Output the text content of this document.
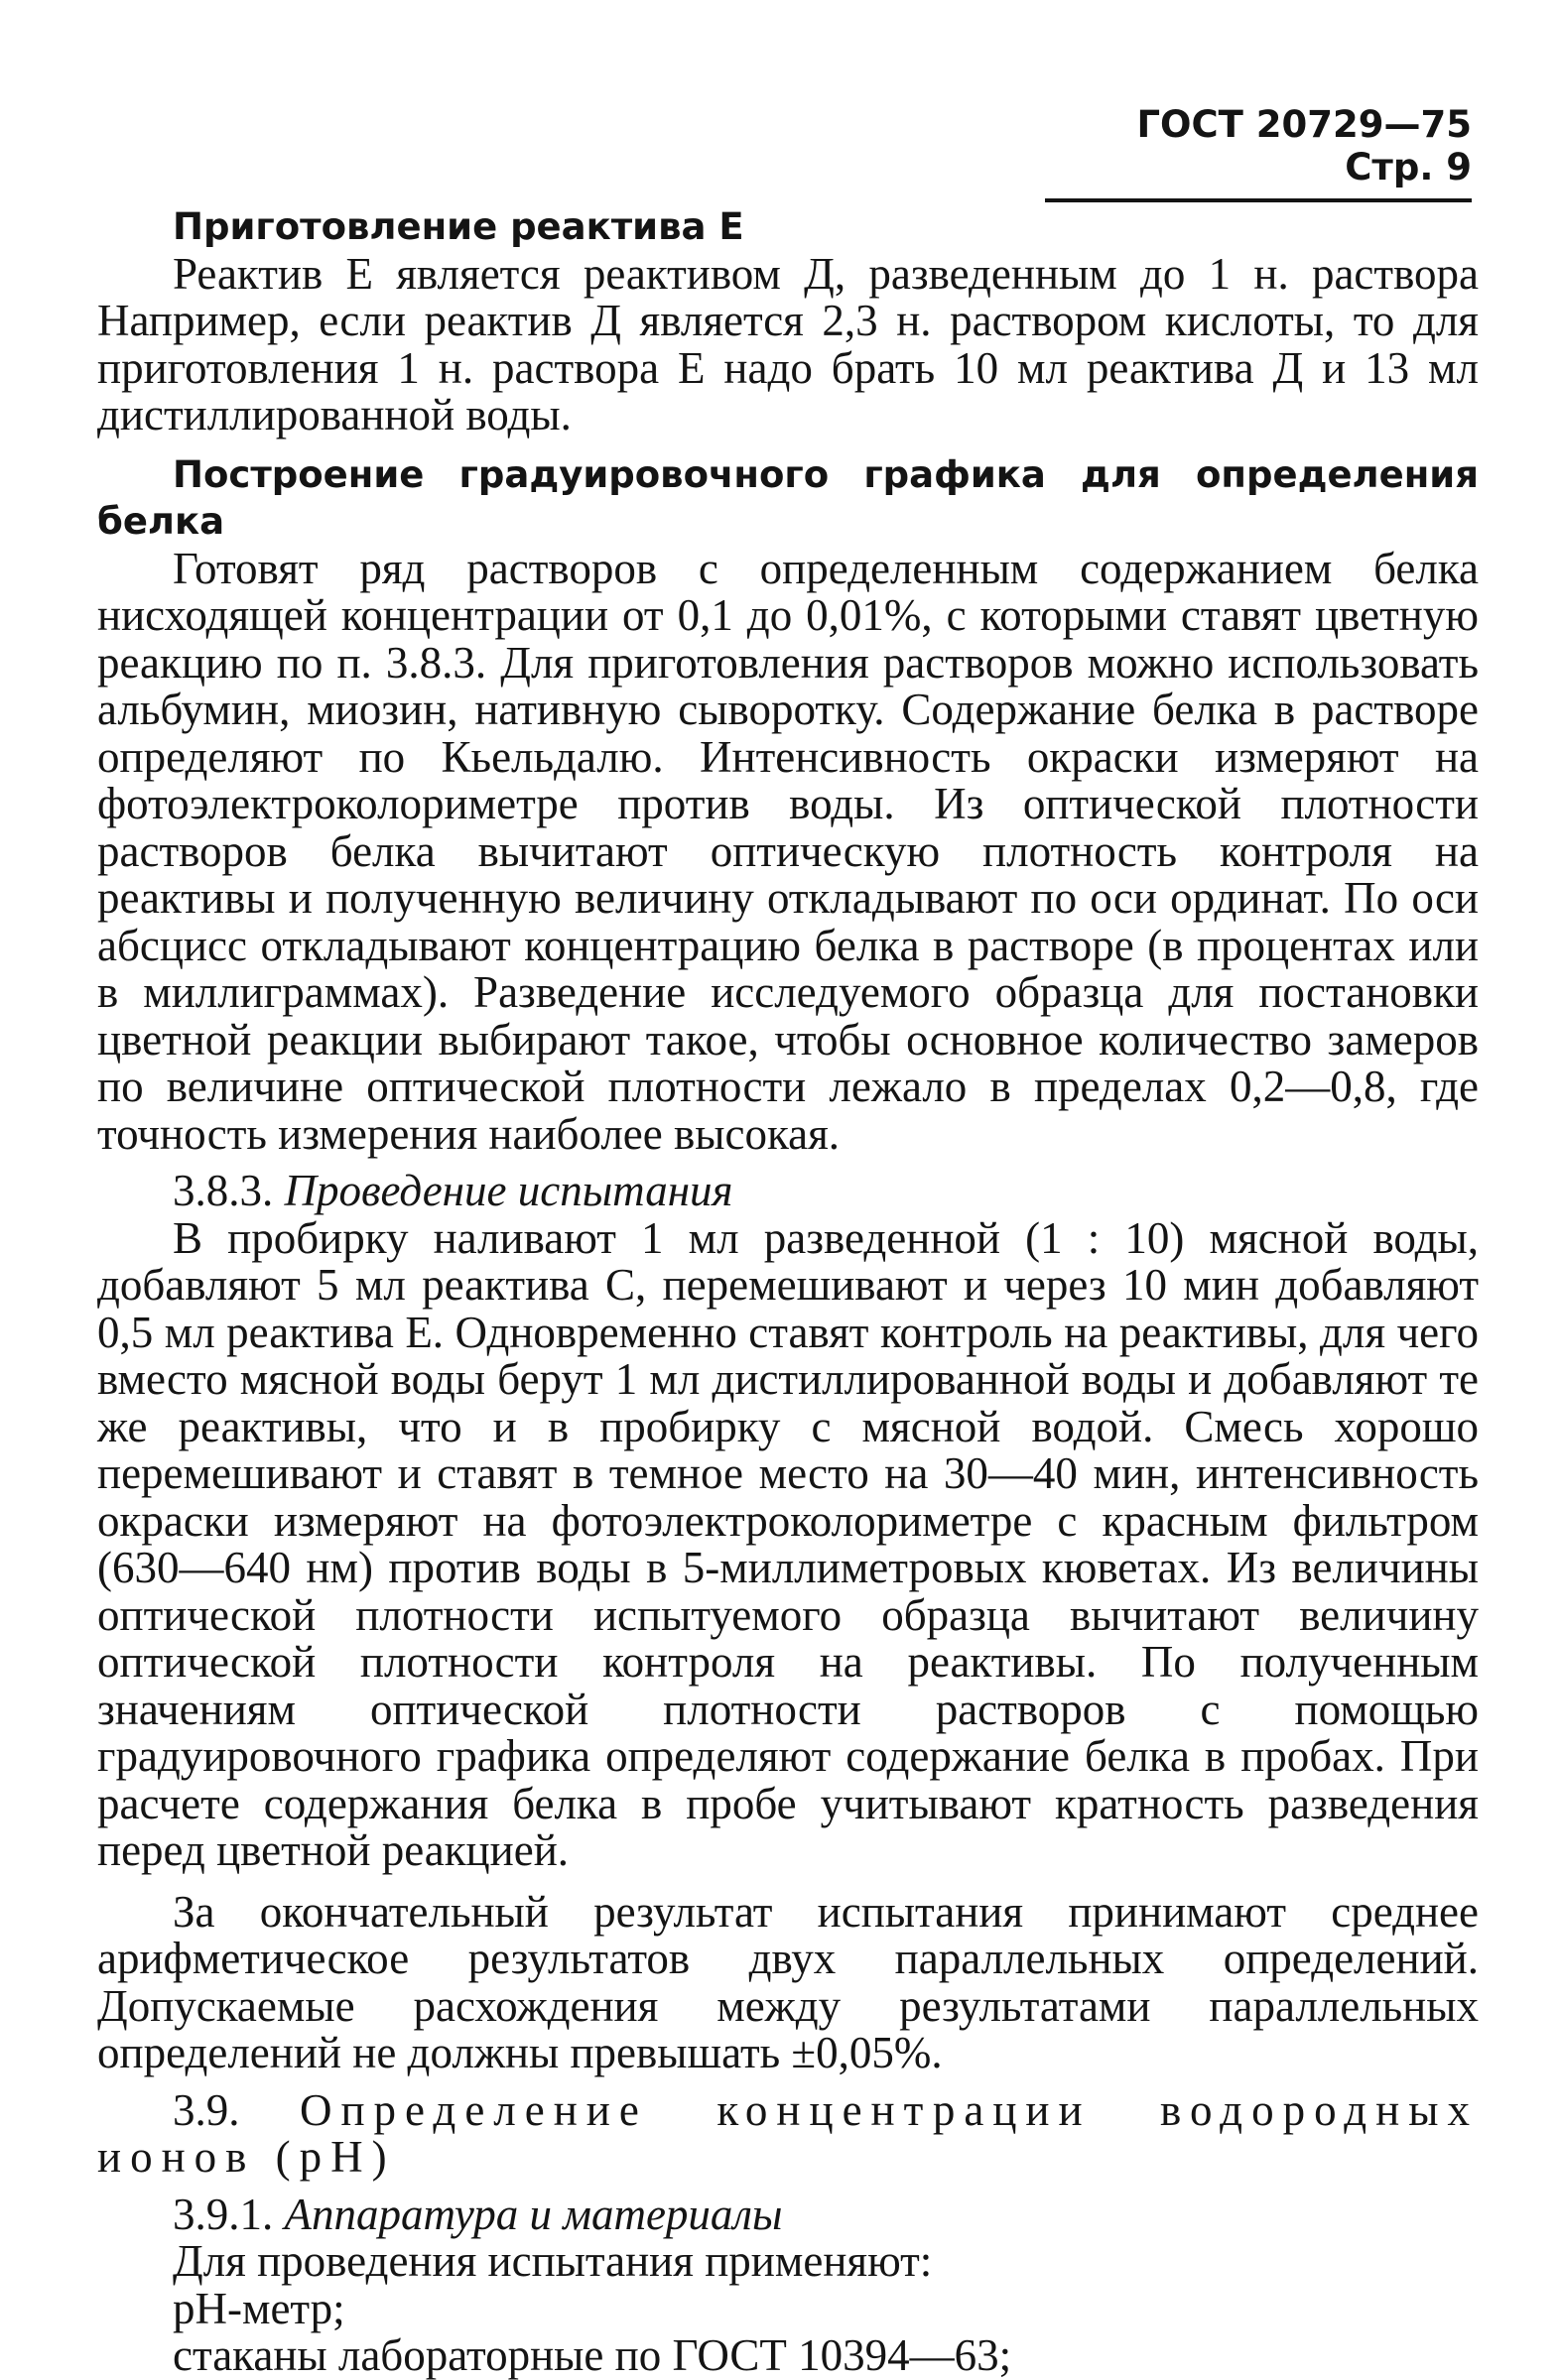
ГОСТ 20729—75 Стр. 9

Приготовление реактива Е

Реактив Е является реактивом Д, разведенным до 1 н. раствора Например, если реактив Д является 2,3 н. раствором кислоты, то для приготовления 1 н. раствора Е надо брать 10 мл реактива Д и 13 мл дистиллированной воды.

Построение градуировочного графика для определения белка

Готовят ряд растворов с определенным содержанием белка нисходящей концентрации от 0,1 до 0,01%, с которыми ставят цветную реакцию по п. 3.8.3. Для приготовления растворов можно использовать альбумин, миозин, нативную сыворотку. Содержание белка в растворе определяют по Кьельдалю. Интенсивность окраски измеряют на фотоэлектроколориметре против воды. Из оптической плотности растворов белка вычитают оптическую плотность контроля на реактивы и полученную величину откладывают по оси ординат. По оси абсцисс откладывают концентрацию белка в растворе (в процентах или в миллиграммах). Разведение исследуемого образца для постановки цветной реакции выбирают такое, чтобы основное количество замеров по величине оптической плотности лежало в пределах 0,2—0,8, где точность измерения наиболее высокая.

3.8.3. Проведение испытания

В пробирку наливают 1 мл разведенной (1 : 10) мясной воды, добавляют 5 мл реактива С, перемешивают и через 10 мин добавляют 0,5 мл реактива Е. Одновременно ставят контроль на реактивы, для чего вместо мясной воды берут 1 мл дистиллированной воды и добавляют те же реактивы, что и в пробирку с мясной водой. Смесь хорошо перемешивают и ставят в темное место на 30—40 мин, интенсивность окраски измеряют на фотоэлектроколориметре с красным фильтром (630—640 нм) против воды в 5-миллиметровых кюветах. Из величины оптической плотности испытуемого образца вычитают величину оптической плотности контроля на реактивы. По полученным значениям оптической плотности растворов с помощью градуировочного графика определяют содержание белка в пробах. При расчете содержания белка в пробе учитывают кратность разведения перед цветной реакцией.

За окончательный результат испытания принимают среднее арифметическое результатов двух параллельных определений. Допускаемые расхождения между результатами параллельных определений не должны превышать ±0,05%.

3.9. Определение концентрации водородных ионов (pH)

3.9.1. Аппаратура и материалы

Для проведения испытания применяют:

pH-метр;

стаканы лабораторные по ГОСТ 10394—63;
